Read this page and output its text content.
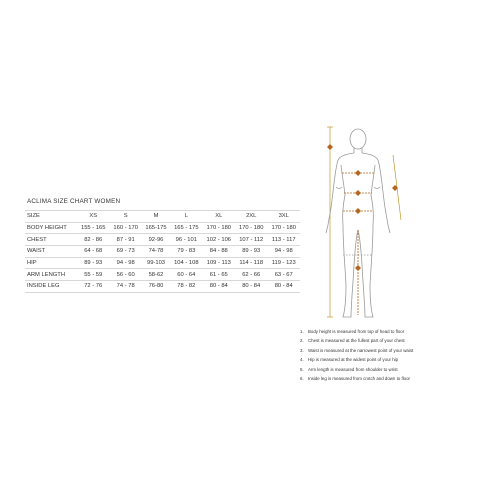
ACLIMA SIZE CHART WOMEN
SIZE	XS	S	M	L	XL	2XL	3XL
BODY HEIGHT	155 - 165	160 - 170	165-175	165 - 175	170 - 180	170 - 180	170 - 180
CHEST	82 - 86	87 - 91	92-96	96 - 101	102 - 106	107 - 112	113 - 117
WAIST	64 - 68	69 - 73	74-78	79 - 83	84 - 88	89 - 93	94 - 98
HIP	89 - 93	94 - 98	99-103	104 - 108	109 - 113	114 - 118	119 - 123
ARM LENGTH	55 - 59	56 - 60	58-62	60 - 64	61 - 65	62 - 66	63 - 67
INSIDE LEG	72 - 76	74 - 78	76-80	78 - 82	80 - 84	80 - 84	80 - 84
1. Body height is measured from top of head to floor
2. Chest is measured at the fullest part of your chest
3. Waist is measured at the narrowest point of your waist
4. Hip is measured at the widest point of your hip
5. Arm length is measured from shoulder to wrist
6. Inside leg is measured from crotch and down to floor
